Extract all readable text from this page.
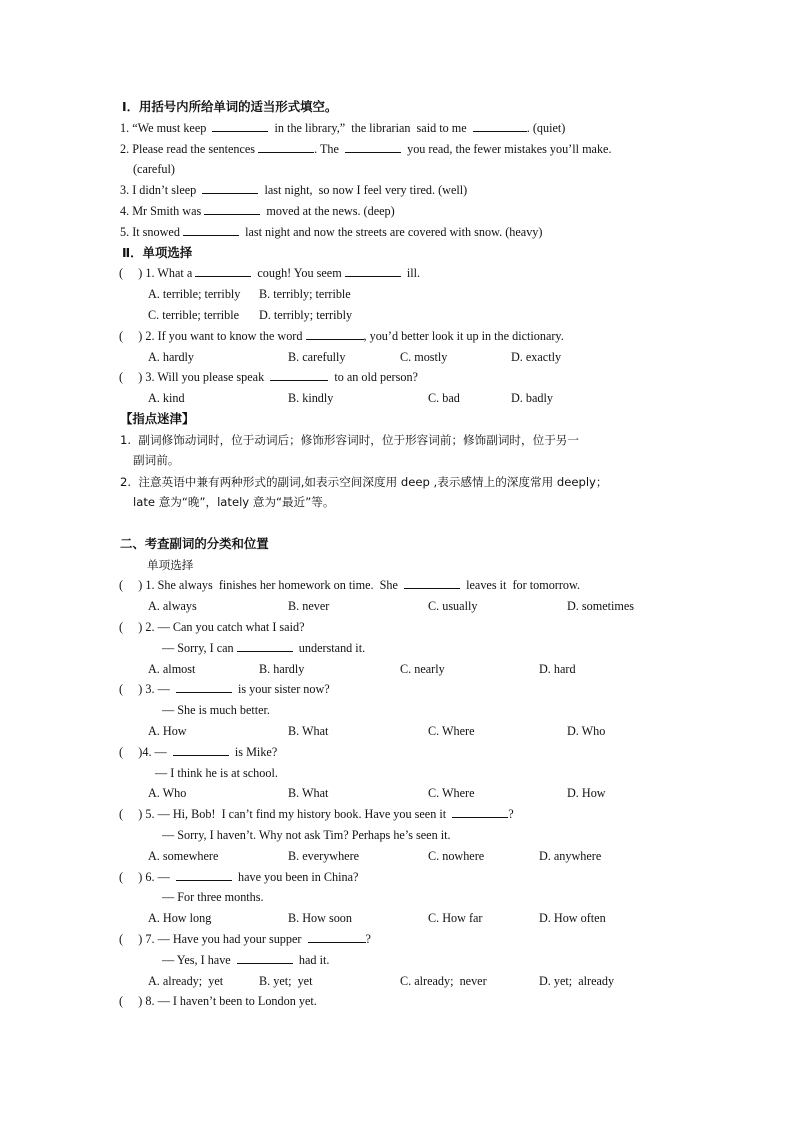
Ⅰ．用括号内所给单词的适当形式填空。
1. “We must keep	in the library,”  the librarian  said to me	. (quiet)
2. Please read the sentences	. The	you read, the fewer mistakes you’ll make.
(careful)
3. I didn’t sleep	last night,  so now I feel very tired. (well)
4. Mr Smith was	moved at the news. (deep)
5. It snowed	last night and now the streets are covered with snow. (heavy)
Ⅱ．单项选择
(     ) 1. What a	cough! You seem	ill.
A. terrible; terribly B. terribly; terrible
C. terrible; terrible D. terribly; terribly
(     ) 2. If you want to know the word	, you’d better look it up in the dictionary.
A. hardly	B. carefully	C. mostly	D. exactly
(     ) 3. Will you please speak	to an old person?
A. kind	B. kindly	C. bad	D. badly
【指点迷津】
1.  副词修饰动词时，位于动词后；修饰形容词时，位于形容词前；修饰副词时，位于另一
副词前。
2.  注意英语中兼有两种形式的副词,如表示空间深度用 deep ,表示感情上的深度常用 deeply；
late 意为“晚”，lately 意为“最近”等。
二、考查副词的分类和位置
单项选择
(     ) 1. She always  finishes her homework on time.  She	leaves it  for tomorrow.
A. always	B. never	C. usually	D. sometimes
(     ) 2. — Can you catch what I said?
— Sorry, I can	understand it.
A. almost	B. hardly	C. nearly	D. hard
(     ) 3. —	is your sister now?
— She is much better.
A. How	B. What	C. Where	D. Who
(     )4. —	is Mike?
— I think he is at school.
A. Who	B. What	C. Where	D. How
(     ) 5. — Hi, Bob!  I can’t find my history book. Have you seen it	?
— Sorry, I haven’t. Why not ask Tim? Perhaps he’s seen it.
A. somewhere	B. everywhere	C. nowhere	D. anywhere
(     ) 6. —	have you been in China?
— For three months.
A. How long	B. How soon	C. How far	D. How often
(     ) 7. — Have you had your supper	?
— Yes, I have	had it.
A. already;  yet	B. yet;  yet	C. already;  never	D. yet;  already
(     ) 8. — I haven’t been to London yet.
